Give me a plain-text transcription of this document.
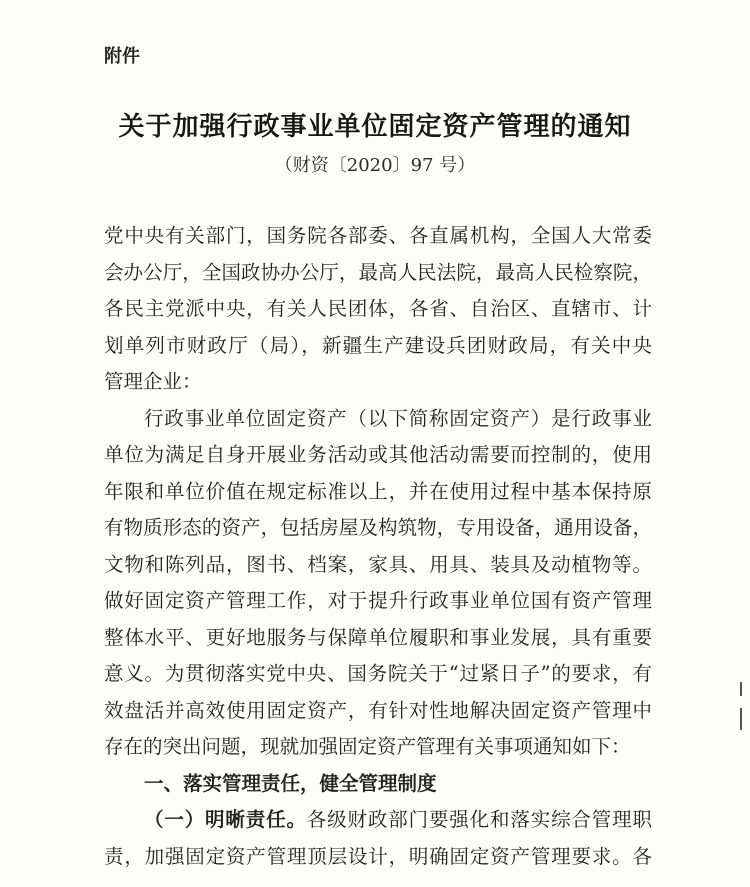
附件
关于加强行政事业单位固定资产管理的通知
（财资〔2020〕97 号）
党中央有关部门，国务院各部委、各直属机构，全国人大常委
会办公厅，全国政协办公厅，最高人民法院，最高人民检察院，
各民主党派中央，有关人民团体，各省、自治区、直辖市、计
划单列市财政厅（局），新疆生产建设兵团财政局，有关中央
管理企业：
行政事业单位固定资产（以下简称固定资产）是行政事业
单位为满足自身开展业务活动或其他活动需要而控制的，使用
年限和单位价值在规定标准以上，并在使用过程中基本保持原
有物质形态的资产，包括房屋及构筑物，专用设备，通用设备，
文物和陈列品，图书、档案，家具、用具、装具及动植物等。
做好固定资产管理工作，对于提升行政事业单位国有资产管理
整体水平、更好地服务与保障单位履职和事业发展，具有重要
意义。为贯彻落实党中央、国务院关于“过紧日子”的要求，有
效盘活并高效使用固定资产，有针对性地解决固定资产管理中
存在的突出问题，现就加强固定资产管理有关事项通知如下：
一、落实管理责任，健全管理制度
（一）明晰责任。各级财政部门要强化和落实综合管理职
责，加强固定资产管理顶层设计，明确固定资产管理要求。各
